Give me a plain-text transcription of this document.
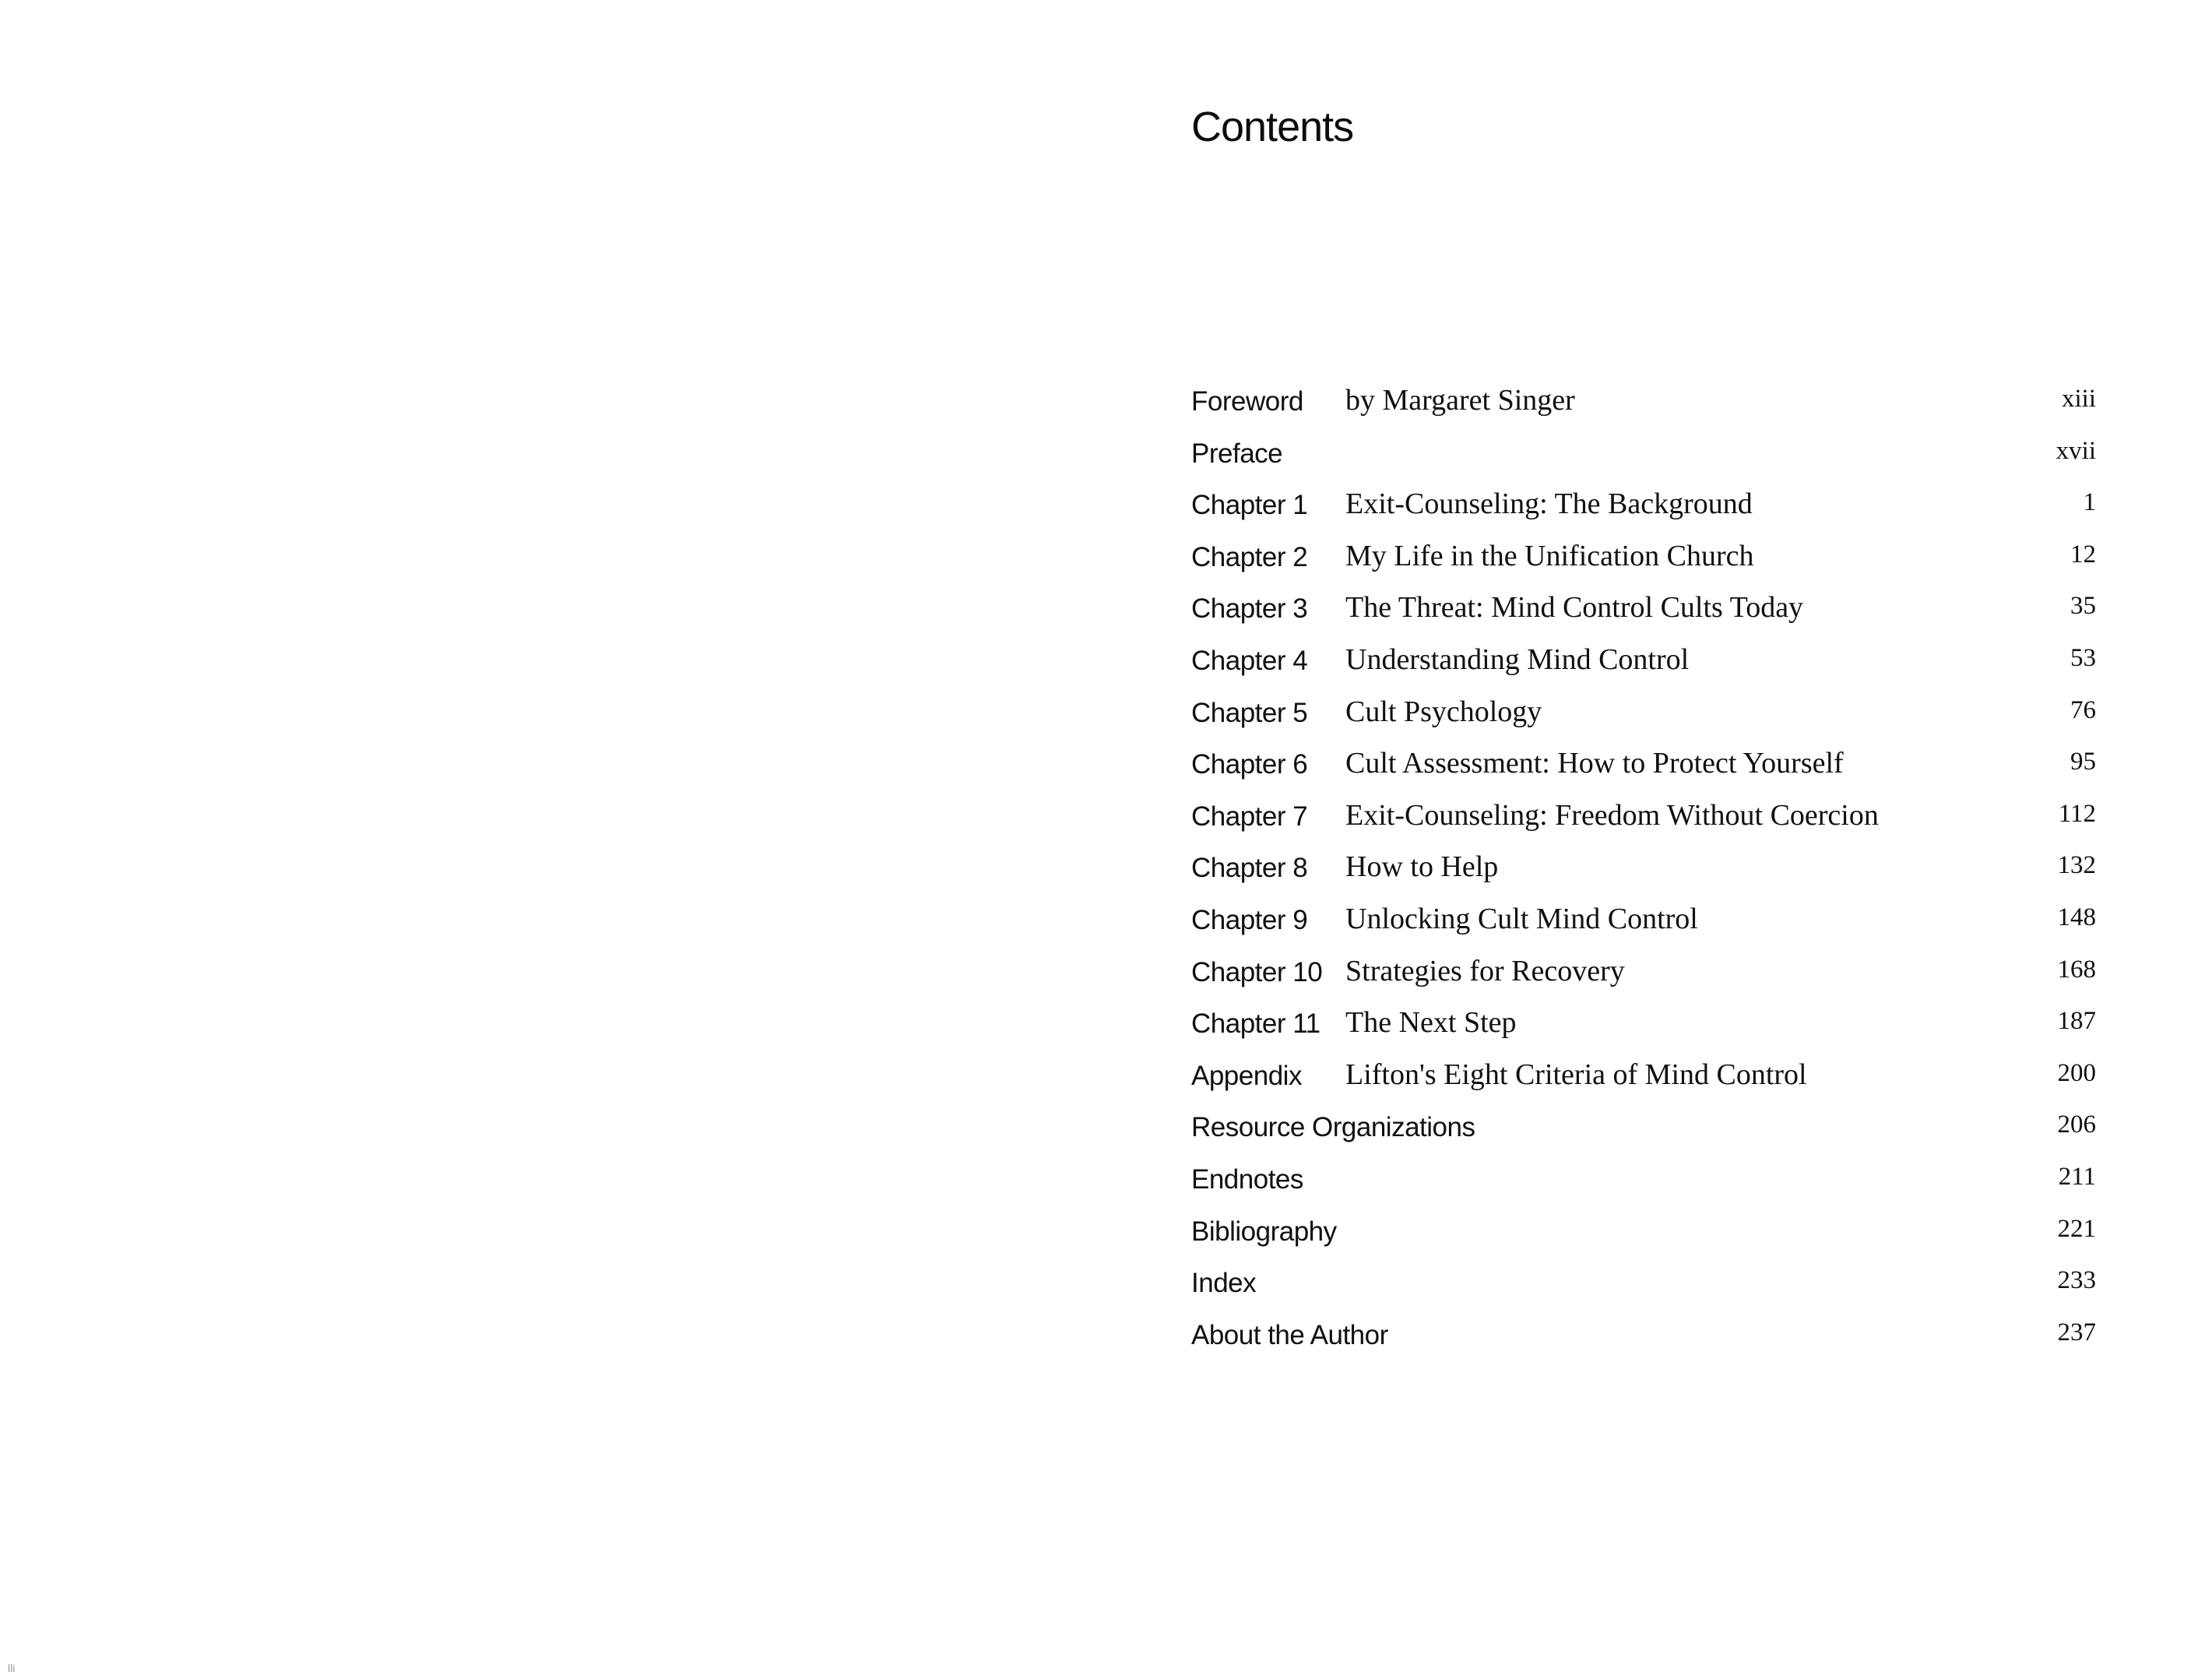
Contents
Foreword by Margaret Singer	xiii
Preface	xvii
Chapter 1 Exit-Counseling: The Background	1
Chapter 2 My Life in the Unification Church	12
Chapter 3 The Threat: Mind Control Cults Today	35
Chapter 4 Understanding Mind Control	53
Chapter 5 Cult Psychology	76
Chapter 6 Cult Assessment: How to Protect Yourself	95
Chapter 7 Exit-Counseling: Freedom Without Coercion	112
Chapter 8 How to Help	132
Chapter 9 Unlocking Cult Mind Control	148
Chapter 10 Strategies for Recovery	168
Chapter 11 The Next Step	187
Appendix Lifton's Eight Criteria of Mind Control	200
Resource Organizations	206
Endnotes	211
Bibliography	221
Index	233
About the Author	237
lli
